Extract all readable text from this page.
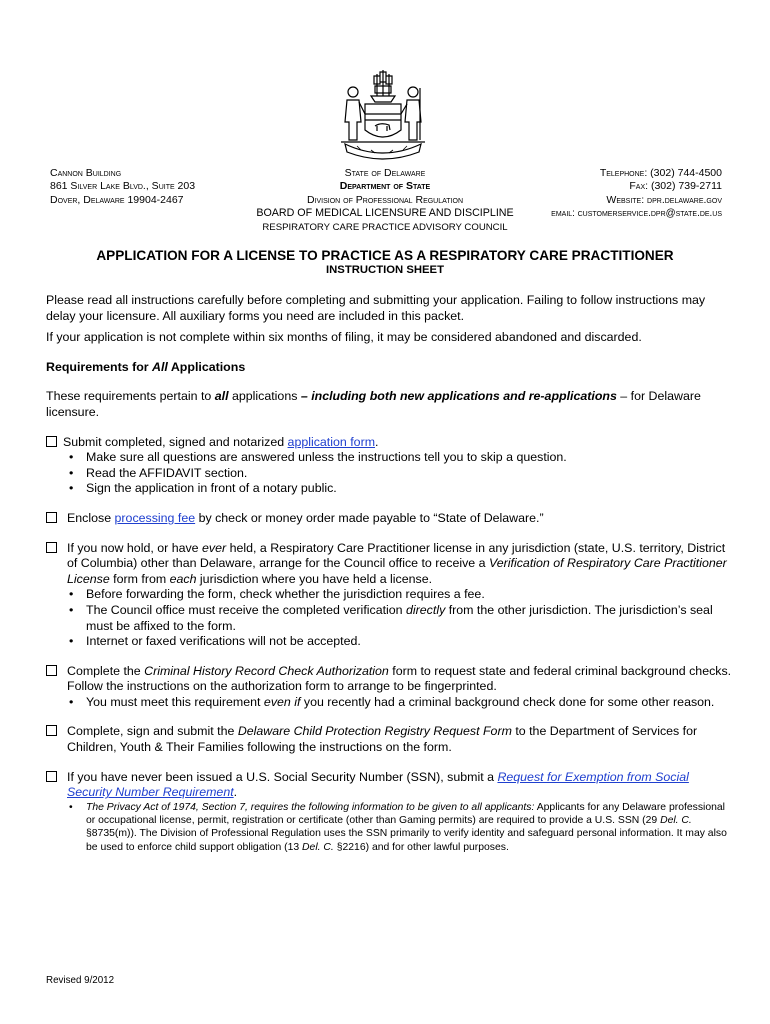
Cannon Building
861 Silver Lake Blvd., Suite 203
Dover, Delaware 19904-2467
State of Delaware
Department of State
Division of Professional Regulation
BOARD OF MEDICAL LICENSURE AND DISCIPLINE
RESPIRATORY CARE PRACTICE ADVISORY COUNCIL
Telephone: (302) 744-4500
Fax: (302) 739-2711
Website: dpr.delaware.gov
email: customerservice.dpr@state.de.us
APPLICATION FOR A LICENSE TO PRACTICE AS A RESPIRATORY CARE PRACTITIONER
INSTRUCTION SHEET

Please read all instructions carefully before completing and submitting your application. Failing to follow instructions may delay your licensure. All auxiliary forms you need are included in this packet.

If your application is not complete within six months of filing, it may be considered abandoned and discarded.

Requirements for All Applications

These requirements pertain to all applications – including both new applications and re-applications – for Delaware licensure.

Submit completed, signed and notarized application form.

• Make sure all questions are answered unless the instructions tell you to skip a question.
• Read the AFFIDAVIT section.
• Sign the application in front of a notary public.

Enclose processing fee by check or money order made payable to “State of Delaware.”

If you now hold, or have ever held, a Respiratory Care Practitioner license in any jurisdiction (state, U.S. territory, District of Columbia) other than Delaware, arrange for the Council office to receive a Verification of Respiratory Care Practitioner License form from each jurisdiction where you have held a license.

• Before forwarding the form, check whether the jurisdiction requires a fee.
• The Council office must receive the completed verification directly from the other jurisdiction. The jurisdiction’s seal must be affixed to the form.
• Internet or faxed verifications will not be accepted.

Complete the Criminal History Record Check Authorization form to request state and federal criminal background checks. Follow the instructions on the authorization form to arrange to be fingerprinted.

• You must meet this requirement even if you recently had a criminal background check done for some other reason.

Complete, sign and submit the Delaware Child Protection Registry Request Form to the Department of Services for Children, Youth & Their Families following the instructions on the form.

If you have never been issued a U.S. Social Security Number (SSN), submit a Request for Exemption from Social Security Number Requirement.

• The Privacy Act of 1974, Section 7, requires the following information to be given to all applicants: Applicants for any Delaware professional or occupational license, permit, registration or certificate (other than Gaming permits) are required to provide a U.S. SSN (29 Del. C. §8735(m)). The Division of Professional Regulation uses the SSN primarily to verify identity and safeguard personal information. It may also be used to enforce child support obligation (13 Del. C. §2216) and for other lawful purposes.
Revised 9/2012
